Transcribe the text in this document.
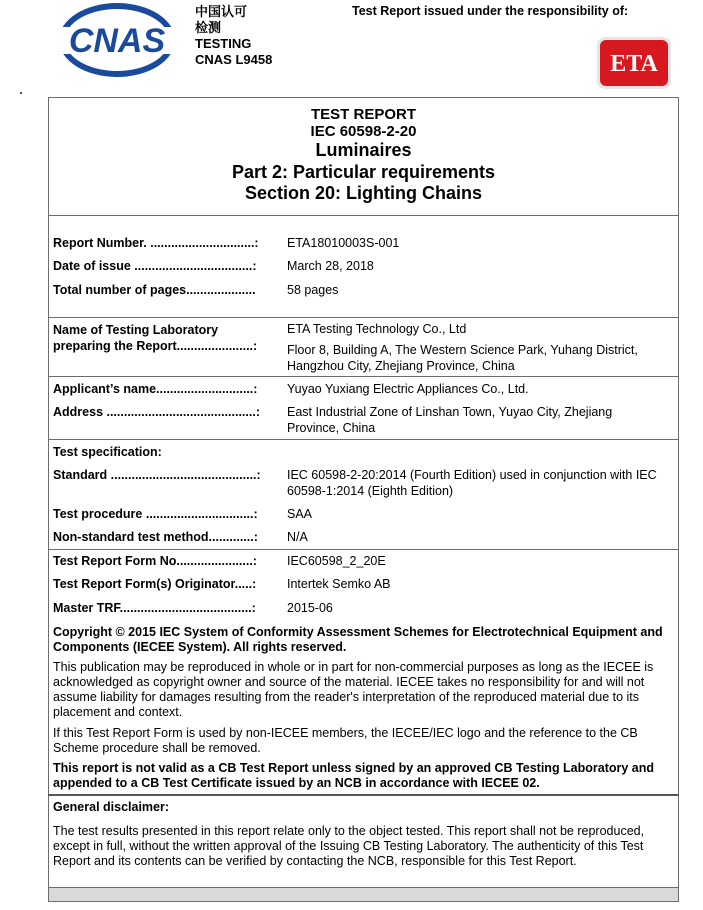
CNAS
中国认可
检测
TESTING
CNAS L9458
Test Report issued under the responsibility of:
ETA
TEST REPORT
IEC 60598-2-20
Luminaires
Part 2: Particular requirements
Section 20: Lighting Chains
Report Number. ..............................: ETA18010003S-001
Date of issue ..................................: March 28, 2018
Total number of pages....................	58 pages
Name of Testing Laboratory
preparing the Report......................:
ETA Testing Technology Co., Ltd
Floor 8, Building A, The Western Science Park, Yuhang District, Hangzhou City, Zhejiang Province, China
Applicant’s name............................: Yuyao Yuxiang Electric Appliances Co., Ltd.
Address ...........................................: East Industrial Zone of Linshan Town, Yuyao City, Zhejiang Province, China
Test specification:
Standard ..........................................: IEC 60598-2-20:2014 (Fourth Edition) used in conjunction with IEC 60598-1:2014 (Eighth Edition)
Test procedure ...............................: SAA
Non-standard test method.............: N/A
Test Report Form No......................: IEC60598_2_20E
Test Report Form(s) Originator.....: Intertek Semko AB
Master TRF......................................: 2015-06
Copyright © 2015 IEC System of Conformity Assessment Schemes for Electrotechnical Equipment and Components (IECEE System). All rights reserved.
This publication may be reproduced in whole or in part for non-commercial purposes as long as the IECEE is acknowledged as copyright owner and source of the material. IECEE takes no responsibility for and will not assume liability for damages resulting from the reader's interpretation of the reproduced material due to its placement and context.
If this Test Report Form is used by non-IECEE members, the IECEE/IEC logo and the reference to the CB Scheme procedure shall be removed.
This report is not valid as a CB Test Report unless signed by an approved CB Testing Laboratory and appended to a CB Test Certificate issued by an NCB in accordance with IECEE 02.
General disclaimer:
The test results presented in this report relate only to the object tested. This report shall not be reproduced, except in full, without the written approval of the Issuing CB Testing Laboratory. The authenticity of this Test Report and its contents can be verified by contacting the NCB, responsible for this Test Report.
